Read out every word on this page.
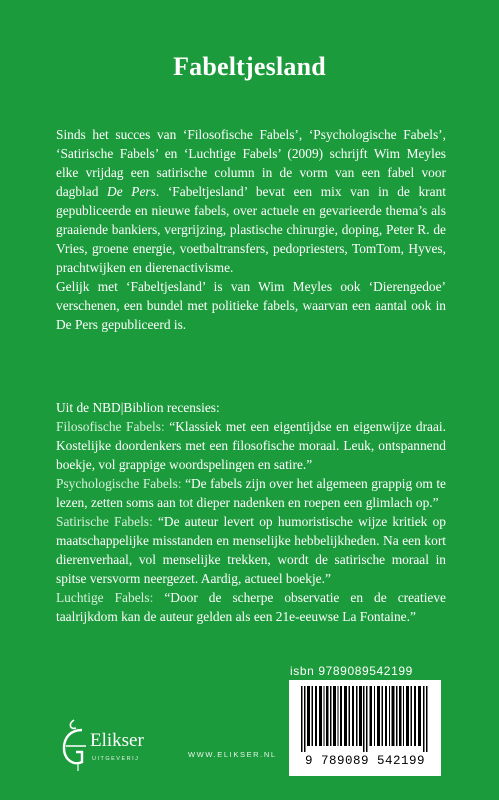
Fabeltjesland

Sinds het succes van ‘Filosofische Fabels’, ‘Psychologische Fabels’, ‘Satirische Fabels’ en ‘Luchtige Fabels’ (2009) schrijft Wim Meyles elke vrijdag een satirische column in de vorm van een fabel voor dagblad De Pers. ‘Fabeltjesland’ bevat een mix van in de krant gepubliceerde en nieuwe fabels, over actuele en gevarieerde thema’s als graaiende bankiers, vergrijzing, plastische chirurgie, doping, Peter R. de Vries, groene energie, voetbaltransfers, pedopriesters, TomTom, Hyves, prachtwijken en dierenactivisme.

Gelijk met ‘Fabeltjesland’ is van Wim Meyles ook ‘Dierengedoe’ verschenen, een bundel met politieke fabels, waarvan een aantal ook in De Pers gepubliceerd is.

Uit de NBD|Biblion recensies:

Filosofische Fabels: “Klassiek met een eigentijdse en eigenwijze draai. Kostelijke doordenkers met een filosofische moraal. Leuk, ontspannend boekje, vol grappige woordspelingen en satire.”

Psychologische Fabels: “De fabels zijn over het algemeen grappig om te lezen, zetten soms aan tot dieper nadenken en roepen een glimlach op.”

Satirische Fabels: “De auteur levert op humoristische wijze kritiek op maatschappelijke misstanden en menselijke hebbelijkheden. Na een kort dierenverhaal, vol menselijke trekken, wordt de satirische moraal in spitse versvorm neergezet. Aardig, actueel boekje.”

Luchtige Fabels: “Door de scherpe observatie en de creatieve taalrijkdom kan de auteur gelden als een 21e-eeuwse La Fontaine.”

isbn 9789089542199
9 789089 542199
Elikser
UITGEVERIJ	WWW.ELIKSER.NL
